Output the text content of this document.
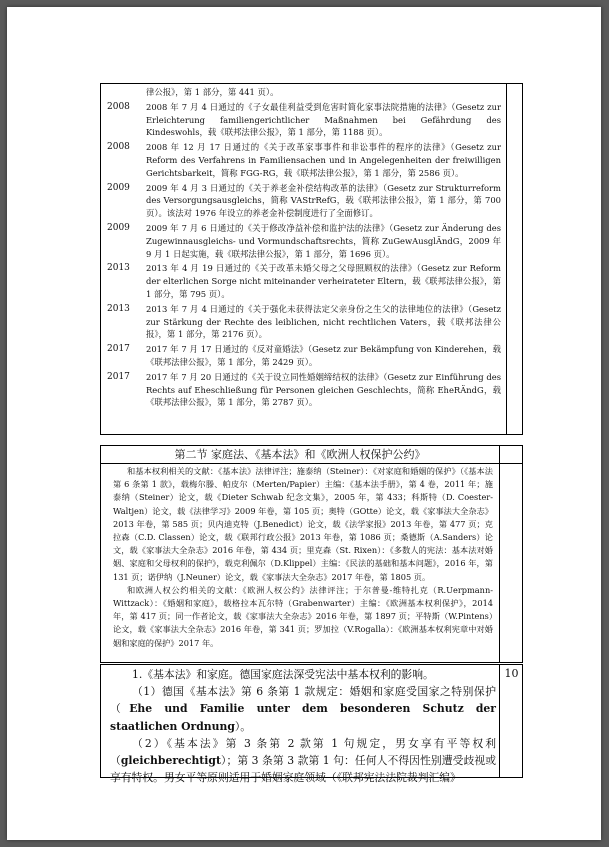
律公报》，第 1 部分，第 441 页）。
2008	2008 年 7 月 4 日通过的《子女最佳利益受到危害时简化家事法院措施的法律》（Gesetz zur Erleichterung familiengerichtlicher Maßnahmen bei Gefährdung des Kindeswohls，载《联邦法律公报》，第 1 部分，第 1188 页）。
2008	2008 年 12 月 17 日通过的《关于改革家事事件和非讼事件的程序的法律》（Gesetz zur Reform des Verfahrens in Familiensachen und in Angelegenheiten der freiwilligen Gerichtsbarkeit，简称 FGG-RG，载《联邦法律公报》，第 1 部分，第 2586 页）。
2009	2009 年 4 月 3 日通过的《关于养老金补偿结构改革的法律》（Gesetz zur Strukturreform des Versorgungsausgleichs，简称 VAStrRefG，载《联邦法律公报》，第 1 部分，第 700 页）。该法对 1976 年设立的养老金补偿制度进行了全面修订。
2009	2009 年 7 月 6 日通过的《关于修改净益补偿和监护法的法律》（Gesetz zur Änderung des Zugewinnausgleichs- und Vormundschaftsrechts，简称 ZuGewAusglÄndG，2009 年 9 月 1 日起实施，载《联邦法律公报》，第 1 部分，第 1696 页）。
2013	2013 年 4 月 19 日通过的《关于改革未婚父母之父母照顾权的法律》（Gesetz zur Reform der elterlichen Sorge nicht miteinander verheirateter Eltern，载《联邦法律公报》，第 1 部分，第 795 页）。
2013	2013 年 7 月 4 日通过的《关于强化未获得法定父亲身份之生父的法律地位的法律》（Gesetz zur Stärkung der Rechte des leiblichen, nicht rechtlichen Vaters，载《联邦法律公报》，第 1 部分，第 2176 页）。
2017	2017 年 7 月 17 日通过的《反对童婚法》（Gesetz zur Bekämpfung von Kinderehen，载《联邦法律公报》，第 1 部分，第 2429 页）。
2017	2017 年 7 月 20 日通过的《关于设立同性婚姻缔结权的法律》（Gesetz zur Einführung des Rechts auf Eheschließung für Personen gleichen Geschlechts，简称 EheRÄndG，载《联邦法律公报》，第 1 部分，第 2787 页）。
第二节 家庭法、《基本法》和《欧洲人权保护公约》

和基本权利相关的文献：《基本法》法律评注；施泰纳（Steiner）：《对家庭和婚姻的保护》（《基本法第 6 条第 1 款》，载梅尔滕、帕皮尔（Merten/Papier）主编：《基本法手册》，第 4 卷，2011 年；施泰纳（Steiner）论文，载《Dieter Schwab 纪念文集》，2005 年，第 433；科斯特（D. Coester-Waltjen）论文，载《法律学习》2009 年卷，第 105 页；奥特（GOtte）论文，载《家事法大全杂志》2013 年卷，第 585 页；贝内迪克特（J.Benedict）论文，载《法学家报》2013 年卷，第 477 页；克拉森（C.D. Classen）论文，载《联邦行政公报》2013 年卷，第 1086 页；桑德斯（A.Sanders）论文，载《家事法大全杂志》2016 年卷，第 434 页；里克森（St. Rixen）：《多数人的宪法：基本法对婚姻、家庭和父母权利的保护》，载克利佩尔（D.Klippel）主编：《民法的基础和基本问题》，2016 年，第 131 页；诺伊纳（J.Neuner）论文，载《家事法大全杂志》2017 年卷，第 1805 页。

和欧洲人权公约相关的文献：《欧洲人权公约》法律评注；于尔普曼-维特扎克（R.Uerpmann-Wittzack）：《婚姻和家庭》，载格拉本瓦尔特（Grabenwarter）主编：《欧洲基本权利保护》，2014 年，第 417 页；同一作者论文，载《家事法大全杂志》2016 年卷，第 1897 页；平特斯（W.Pintens）论文，载《家事法大全杂志》2016 年卷，第 341 页；罗加拉（V.Rogalla）：《欧洲基本权利宪章中对婚姻和家庭的保护》2017 年。

10

1.《基本法》和家庭。德国家庭法深受宪法中基本权利的影响。

（1）德国《基本法》第 6 条第 1 款规定：婚姻和家庭受国家之特别保护（Ehe und Familie unter dem besonderen Schutz der staatlichen Ordnung）。

（2）《基本法》第 3 条第 2 款第 1 句规定，男女享有平等权利（gleichberechtigt）；第 3 条第 3 款第 1 句：任何人不得因性别遭受歧视或享有特权。男女平等原则适用于婚姻家庭领域（《联邦宪法法院裁判汇编》
